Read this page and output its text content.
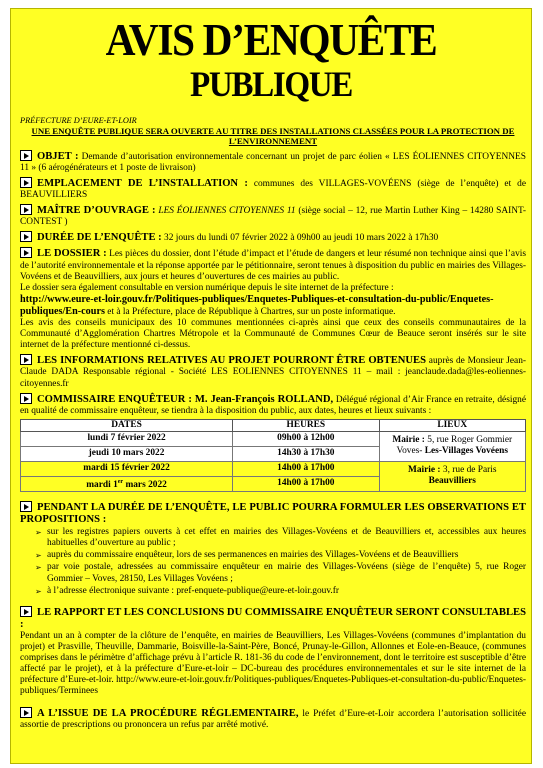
AVIS D’ENQUÊTE
PUBLIQUE
PRÉFECTURE D’EURE-ET-LOIR
UNE ENQUÊTE PUBLIQUE SERA OUVERTE AU TITRE DES INSTALLATIONS CLASSÉES POUR LA PROTECTION DE L’ENVIRONNEMENT
OBJET : Demande d’autorisation environnementale concernant un projet de parc éolien « LES ÉOLIENNES CITOYENNES 11 » (6 aérogénérateurs et 1 poste de livraison)
EMPLACEMENT DE L’INSTALLATION : communes des VILLAGES-VOVÉENS (siège de l’enquête) et de BEAUVILLIERS
MAÎTRE D’OUVRAGE : LES ÉOLIENNES CITOYENNES 11 (siège social – 12, rue Martin Luther King – 14280 SAINT-CONTEST )
DURÉE DE L’ENQUÊTE : 32 jours du lundi 07 février 2022 à 09h00 au jeudi 10 mars 2022 à 17h30
LE DOSSIER : Les pièces du dossier, dont l’étude d’impact et l’étude de dangers et leur résumé non technique ainsi que l’avis de l’autorité environnementale et la réponse apportée par le pétitionnaire, seront tenues à disposition du public en mairies des Villages-Vovéens et de Beauvilliers, aux jours et heures d’ouvertures de ces mairies au public.
Le dossier sera également consultable en version numérique depuis le site internet de la préfecture :
http://www.eure-et-loir.gouv.fr/Politiques-publiques/Enquetes-Publiques-et-consultation-du-public/Enquetes-publiques/En-cours et à la Préfecture, place de République à Chartres, sur un poste informatique.
Les avis des conseils municipaux des 10 communes mentionnées ci-après ainsi que ceux des conseils communautaires de la Communauté d’Agglomération Chartres Métropole et la Communauté de Communes Cœur de Beauce seront insérés sur le site internet de la préfecture mentionné ci-dessus.
LES INFORMATIONS RELATIVES AU PROJET POURRONT ÊTRE OBTENUES auprès de Monsieur Jean-Claude DADA Responsable régional - Société LES EOLIENNES CITOYENNES 11 – mail : jeanclaude.dada@les-eoliennes-citoyennes.fr
COMMISSAIRE ENQUÊTEUR : M. Jean-François ROLLAND, Délégué régional d’Air France en retraite, désigné en qualité de commissaire enquêteur, se tiendra à la disposition du public, aux dates, heures et lieux suivants :
DATES	HEURES	LIEUX
lundi 7 février 2022	09h00 à 12h00	Mairie : 5, rue Roger Gommier
Voves- Les-Villages Vovéens
jeudi 10 mars 2022	14h30 à 17h30	
mardi 15 février 2022	14h00 à 17h00	Mairie : 3, rue de Paris
Beauvilliers
mardi 1er mars 2022	14h00 à 17h00	
PENDANT LA DURÉE DE L’ENQUÊTE, LE PUBLIC POURRA FORMULER LES OBSERVATIONS ET PROPOSITIONS :
➢ sur les registres papiers ouverts à cet effet en mairies des Villages-Vovéens et de Beauvilliers et, accessibles aux heures habituelles d’ouverture au public ;
➢ auprès du commissaire enquêteur, lors de ses permanences en mairies des Villages-Vovéens et de Beauvilliers
➢ par voie postale, adressées au commissaire enquêteur en mairie des Villages-Vovéens (siège de l’enquête) 5, rue Roger Gommier – Voves, 28150, Les Villages Vovéens ;
➢ à l’adresse électronique suivante : pref-enquete-publique@eure-et-loir.gouv.fr
LE RAPPORT ET LES CONCLUSIONS DU COMMISSAIRE ENQUÊTEUR SERONT CONSULTABLES :
Pendant un an à compter de la clôture de l’enquête, en mairies de Beauvilliers, Les Villages-Vovéens (communes d’implantation du projet) et Prasville, Theuville, Dammarie, Boisville-la-Saint-Père, Boncé, Prunay-le-Gillon, Allonnes et Eole-en-Beauce, (communes comprises dans le périmètre d’affichage prévu à l’article R. 181-36 du code de l’environnement, dont le territoire est susceptible d’être affecté par le projet), et à la préfecture d’Eure-et-loir – DC-bureau des procédures environnementales et sur le site internet de la préfecture d’Eure-et-loir. http://www.eure-et-loir.gouv.fr/Politiques-publiques/Enquetes-Publiques-et-consultation-du-public/Enquetes-publiques/Terminees
A L’ISSUE DE LA PROCÉDURE RÉGLEMENTAIRE, le Préfet d’Eure-et-Loir accordera l’autorisation sollicitée assortie de prescriptions ou prononcera un refus par arrêté motivé.
